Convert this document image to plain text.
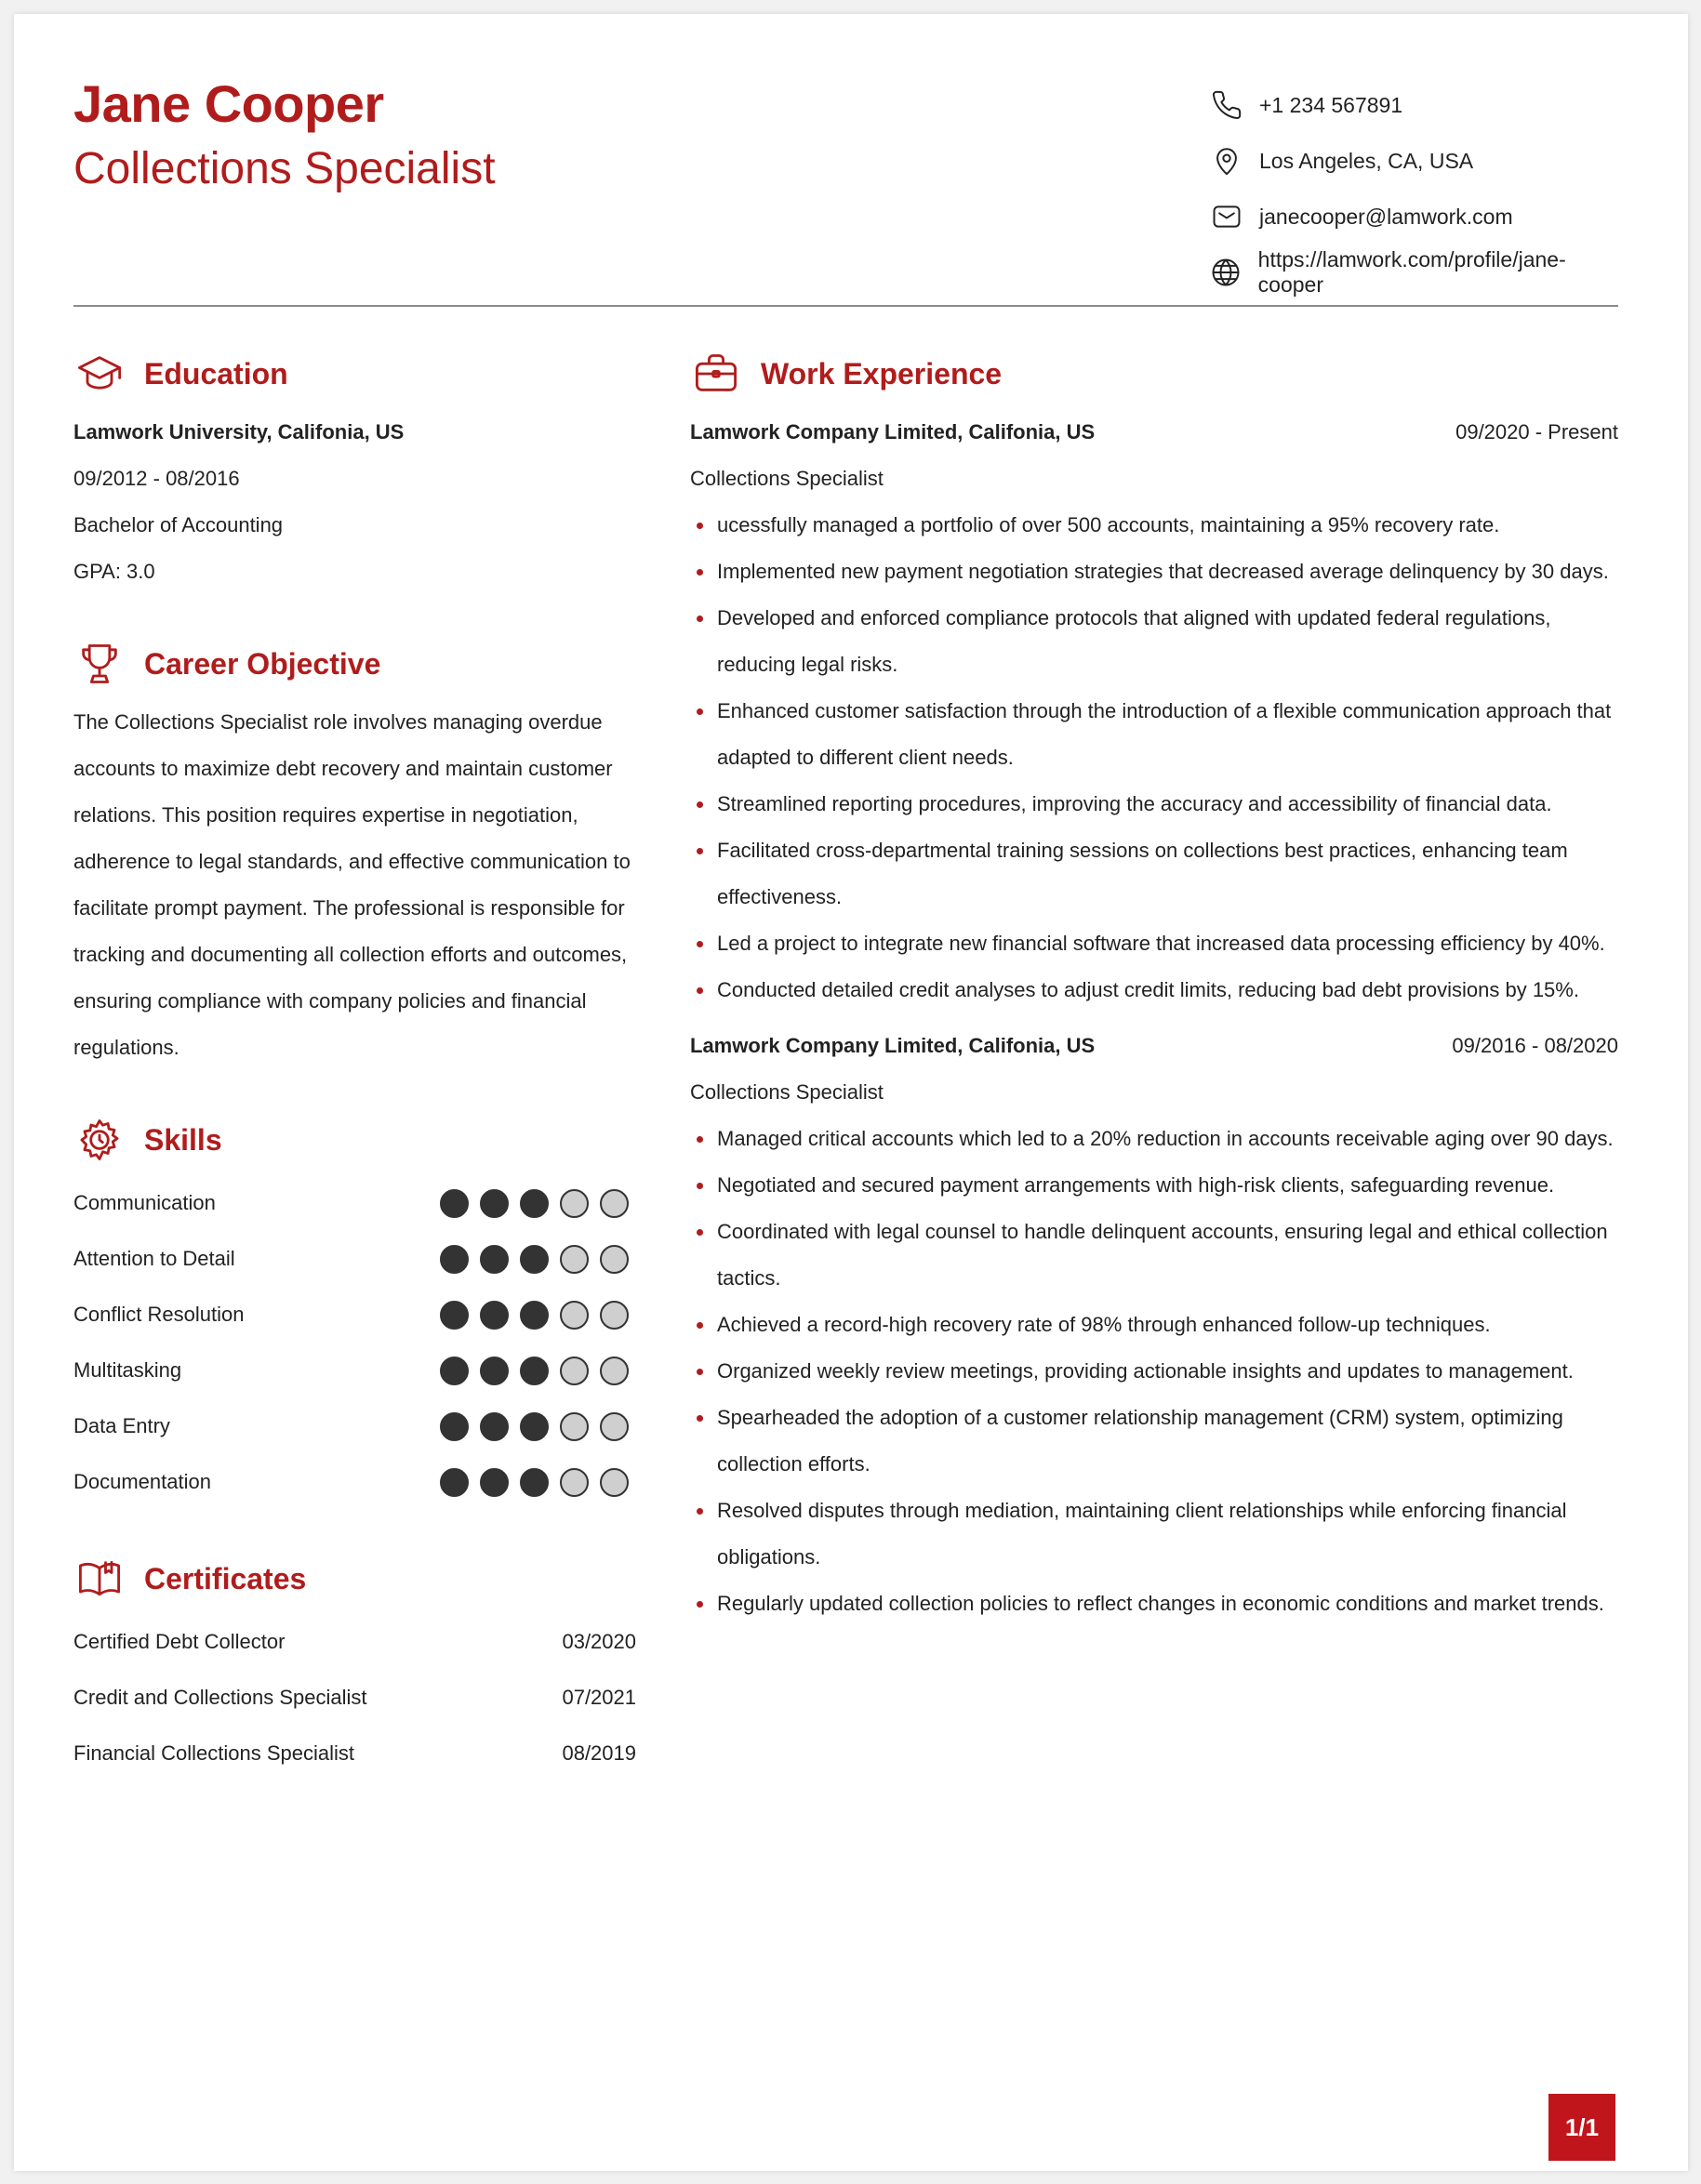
Jane Cooper
Collections Specialist
+1 234 567891
Los Angeles, CA, USA
janecooper@lamwork.com
https://lamwork.com/profile/jane-cooper
Education
Lamwork University, Califonia, US
09/2012 - 08/2016
Bachelor of Accounting
GPA: 3.0
Career Objective
The Collections Specialist role involves managing overdue
accounts to maximize debt recovery and maintain customer
relations. This position requires expertise in negotiation,
adherence to legal standards, and effective communication to
facilitate prompt payment. The professional is responsible for
tracking and documenting all collection efforts and outcomes,
ensuring compliance with company policies and financial
regulations.
Skills
Communication
Attention to Detail
Conflict Resolution
Multitasking
Data Entry
Documentation
Certificates
Certified Debt Collector	03/2020
Credit and Collections Specialist	07/2021
Financial Collections Specialist	08/2019
Work Experience
Lamwork Company Limited, Califonia, US	09/2020 - Present
Collections Specialist
ucessfully managed a portfolio of over 500 accounts, maintaining a 95% recovery rate.
Implemented new payment negotiation strategies that decreased average delinquency by 30 days.
Developed and enforced compliance protocols that aligned with updated federal regulations, reducing legal risks.
Enhanced customer satisfaction through the introduction of a flexible communication approach that adapted to different client needs.
Streamlined reporting procedures, improving the accuracy and accessibility of financial data.
Facilitated cross-departmental training sessions on collections best practices, enhancing team effectiveness.
Led a project to integrate new financial software that increased data processing efficiency by 40%.
Conducted detailed credit analyses to adjust credit limits, reducing bad debt provisions by 15%.
Lamwork Company Limited, Califonia, US	09/2016 - 08/2020
Collections Specialist
Managed critical accounts which led to a 20% reduction in accounts receivable aging over 90 days.
Negotiated and secured payment arrangements with high-risk clients, safeguarding revenue.
Coordinated with legal counsel to handle delinquent accounts, ensuring legal and ethical collection tactics.
Achieved a record-high recovery rate of 98% through enhanced follow-up techniques.
Organized weekly review meetings, providing actionable insights and updates to management.
Spearheaded the adoption of a customer relationship management (CRM) system, optimizing collection efforts.
Resolved disputes through mediation, maintaining client relationships while enforcing financial obligations.
Regularly updated collection policies to reflect changes in economic conditions and market trends.
1/1
